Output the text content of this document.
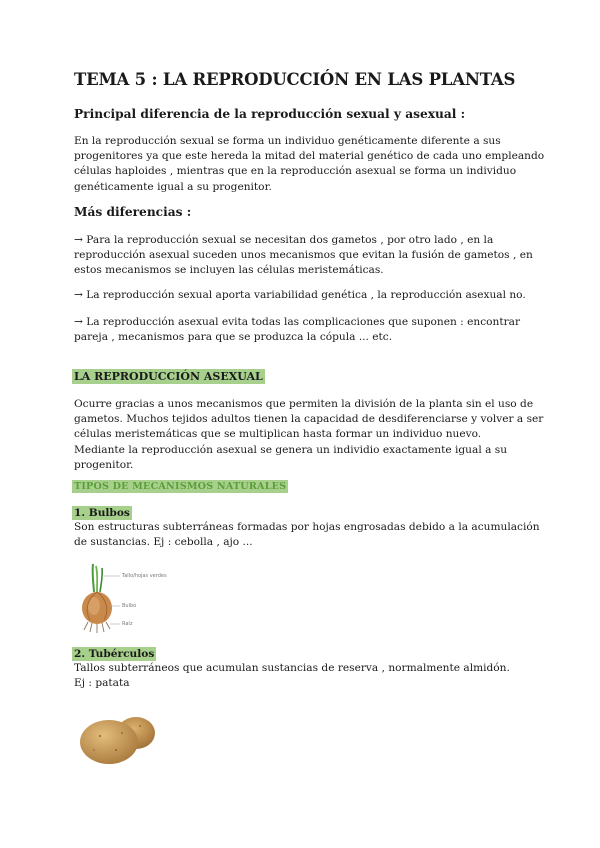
TEMA 5 : LA REPRODUCCIÓN EN LAS PLANTAS
Principal diferencia de la reproducción sexual y asexual :
En la reproducción sexual se forma un individuo genéticamente diferente a sus
progenitores ya que este hereda la mitad del material genético de cada uno empleando
células haploides , mientras que en la reproducción asexual se forma un individuo
genéticamente igual a su progenitor.
Más diferencias :
→ Para la reproducción sexual se necesitan dos gametos , por otro lado , en la
reproducción asexual suceden unos mecanismos que evitan la fusión de gametos , en
estos mecanismos se incluyen las células meristemáticas.
→ La reproducción sexual aporta variabilidad genética , la reproducción asexual no.
→ La reproducción asexual evita todas las complicaciones que suponen : encontrar
pareja , mecanismos para que se produzca la cópula ... etc.
LA REPRODUCCIÓN ASEXUAL
Ocurre gracias a unos mecanismos que permiten la división de la planta sin el uso de
gametos. Muchos tejidos adultos tienen la capacidad de desdiferenciarse y volver a ser
células meristemáticas que se multiplican hasta formar un individuo nuevo.
Mediante la reproducción asexual se genera un individio exactamente igual a su
progenitor.
TIPOS DE MECANISMOS NATURALES
1. Bulbos
Son estructuras subterráneas formadas por hojas engrosadas debido a la acumulación
de sustancias. Ej : cebolla , ajo ...
Tallo/hojas verdes
Bulbo
Raíz
2. Tubérculos
Tallos subterráneos que acumulan sustancias de reserva , normalmente almidón.
Ej : patata
